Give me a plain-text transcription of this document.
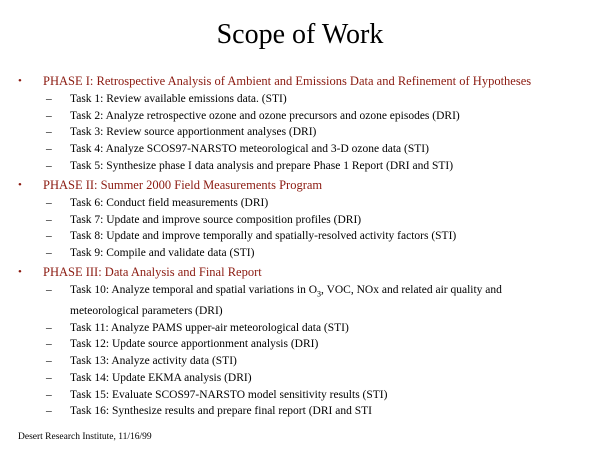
Scope of Work
• PHASE I: Retrospective Analysis of Ambient and Emissions Data and Refinement of Hypotheses
– Task 1: Review available emissions data. (STI)
– Task 2: Analyze retrospective ozone and ozone precursors and ozone episodes (DRI)
– Task 3: Review source apportionment analyses (DRI)
– Task 4: Analyze SCOS97-NARSTO meteorological and 3-D ozone data (STI)
– Task 5: Synthesize phase I data analysis and prepare Phase 1 Report (DRI and STI)
• PHASE II: Summer 2000 Field Measurements Program
– Task 6: Conduct field measurements (DRI)
– Task 7: Update and improve source composition profiles (DRI)
– Task 8: Update and improve temporally and spatially-resolved activity factors (STI)
– Task 9: Compile and validate data (STI)
• PHASE III: Data Analysis and Final Report
– Task 10: Analyze temporal and spatial variations in $O_3$, VOC, NOx and related air quality and meteorological parameters (DRI)
– Task 11: Analyze PAMS upper-air meteorological data (STI)
– Task 12: Update source apportionment analysis (DRI)
– Task 13: Analyze activity data (STI)
– Task 14: Update EKMA analysis (DRI)
– Task 15: Evaluate SCOS97-NARSTO model sensitivity results (STI)
– Task 16: Synthesize results and prepare final report (DRI and STI
Desert Research Institute, 11/16/99
